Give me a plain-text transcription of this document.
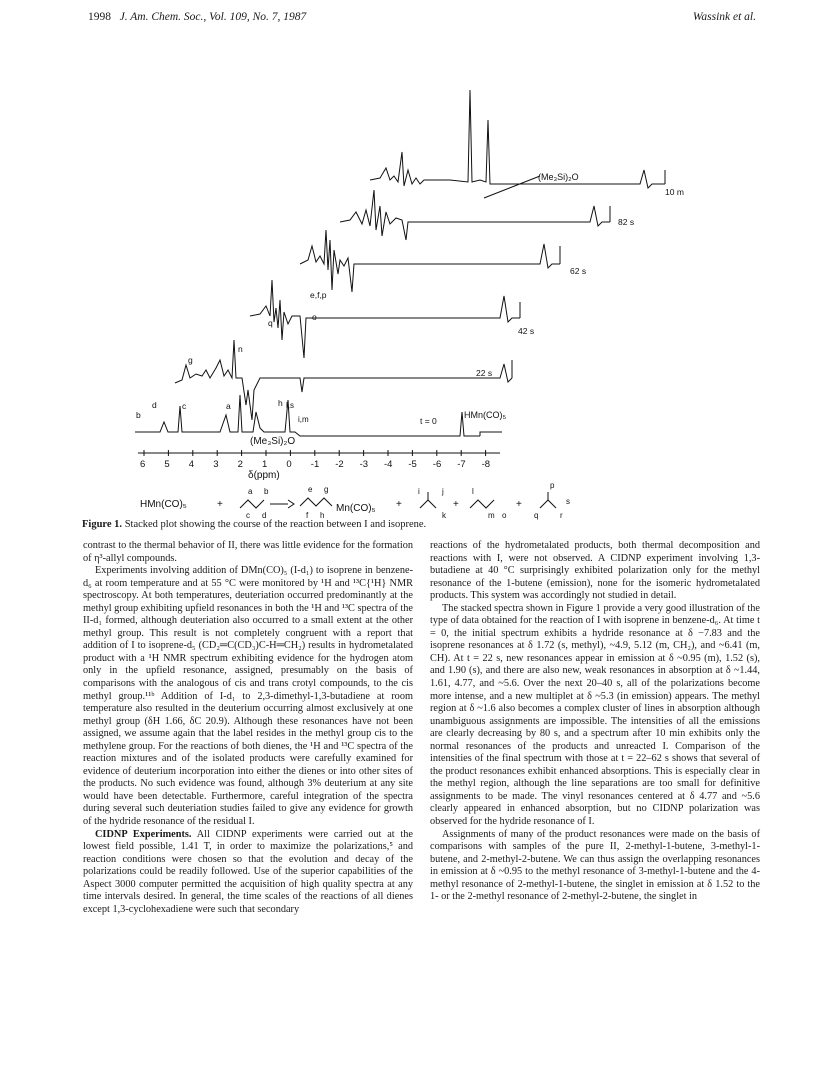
1998 J. Am. Chem. Soc., Vol. 109, No. 7, 1987	Wassink et al.
6 5 4 3 2 1 0 -1 -2 -3 -4 -5 -6 -7 -8
(Me₃Si)₂O
δ(ppm)
t = 0
22 s
42 s
62 s
82 s
10 m
(Me₃Si)₂O
HMn(CO)₅
b
d	c	a
g
n
q
o
e,f,p
h l,s
i,m
HMn(CO)₅	+	Mn(CO)₅ +	+	+
a b
c d
e g
f h
i	j
k
l
m o
p
q	r
s
Figure 1. Stacked plot showing the course of the reaction between I and isoprene.

contrast to the thermal behavior of II, there was little evidence for the formation of η³-allyl compounds.

Experiments involving addition of DMn(CO)₅ (I-d₁) to isoprene in benzene-d₆ at room temperature and at 55 °C were monitored by ¹H and ¹³C{¹H} NMR spectroscopy. At both temperatures, deuteriation occurred predominantly at the methyl group exhibiting upfield resonances in both the ¹H and ¹³C spectra of the II-d₁ formed, although deuteriation also occurred to a small extent at the other methyl group. This result is not completely congruent with a report that addition of I to isoprene-d₅ (CD₂═C(CD₃)C-H═CH₂) results in hydrometalated product with a ¹H NMR spectrum exhibiting evidence for the hydrogen atom only in the upfield resonance, assigned, presumably on the basis of comparisons with the analogous of cis and trans crotyl compounds, to the cis methyl group.¹¹ᵇ Addition of I-d₁ to 2,3-dimethyl-1,3-butadiene at room temperature also resulted in the deuterium occurring almost exclusively at one methyl group (δH 1.66, δC 20.9). Although these resonances have not been assigned, we assume again that the label resides in the methyl group cis to the methylene group. For the reactions of both dienes, the ¹H and ¹³C spectra of the reaction mixtures and of the isolated products were carefully examined for evidence of deuterium incorporation into either the dienes or into other sites of the products. No such evidence was found, although 3% deuterium at any site would have been detectable. Furthermore, careful integration of the spectra during several such deuteriation studies failed to give any evidence for growth of the hydride resonance of the residual I.

CIDNP Experiments. All CIDNP experiments were carried out at the lowest field possible, 1.41 T, in order to maximize the polarizations,⁵ and reaction conditions were chosen so that the evolution and decay of the polarizations could be readily followed. Use of the superior capabilities of the Aspect 3000 computer permitted the acquisition of high quality spectra at any time intervals desired. In general, the time scales of the reactions of all dienes except 1,3-cyclohexadiene were such that secondary

reactions of the hydrometalated products, both thermal decomposition and reactions with I, were not observed. A CIDNP experiment involving 1,3-butadiene at 40 °C surprisingly exhibited polarization only for the methyl resonance of the 1-butene (emission), none for the isomeric hydrometalated products. This system was accordingly not studied in detail.

The stacked spectra shown in Figure 1 provide a very good illustration of the type of data obtained for the reaction of I with isoprene in benzene-d₆. At time t = 0, the initial spectrum exhibits a hydride resonance at δ −7.83 and the isoprene resonances at δ 1.72 (s, methyl), ~4.9, 5.12 (m, CH₂), and ~6.41 (m, CH). At t = 22 s, new resonances appear in emission at δ ~0.95 (m), 1.52 (s), and 1.90 (s), and there are also new, weak resonances in absorption at δ ~1.44, 1.61, 4.77, and ~5.6. Over the next 20–40 s, all of the polarizations become more intense, and a new multiplet at δ ~5.3 (in emission) appears. The methyl region at δ ~1.6 also becomes a complex cluster of lines in absorption although unambiguous assignments are impossible. The intensities of all the emissions are clearly decreasing by 80 s, and a spectrum after 10 min exhibits only the normal resonances of the products and unreacted I. Comparison of the intensities of the final spectrum with those at t = 22–62 s shows that several of the product resonances exhibit enhanced absorptions. This is especially clear in the methyl region, although the line separations are too small for definitive assignments to be made. The vinyl resonances centered at δ 4.77 and ~5.6 clearly appeared in enhanced absorption, but no CIDNP polarization was observed for the hydride resonance of I.

Assignments of many of the product resonances were made on the basis of comparisons with samples of the pure II, 2-methyl-1-butene, 3-methyl-1-butene, and 2-methyl-2-butene. We can thus assign the overlapping resonances in emission at δ ~0.95 to the methyl resonance of 3-methyl-1-butene and the 4-methyl resonance of 2-methyl-1-butene, the singlet in emission at δ 1.52 to the 1- or the 2-methyl resonance of 2-methyl-2-butene, the singlet in
